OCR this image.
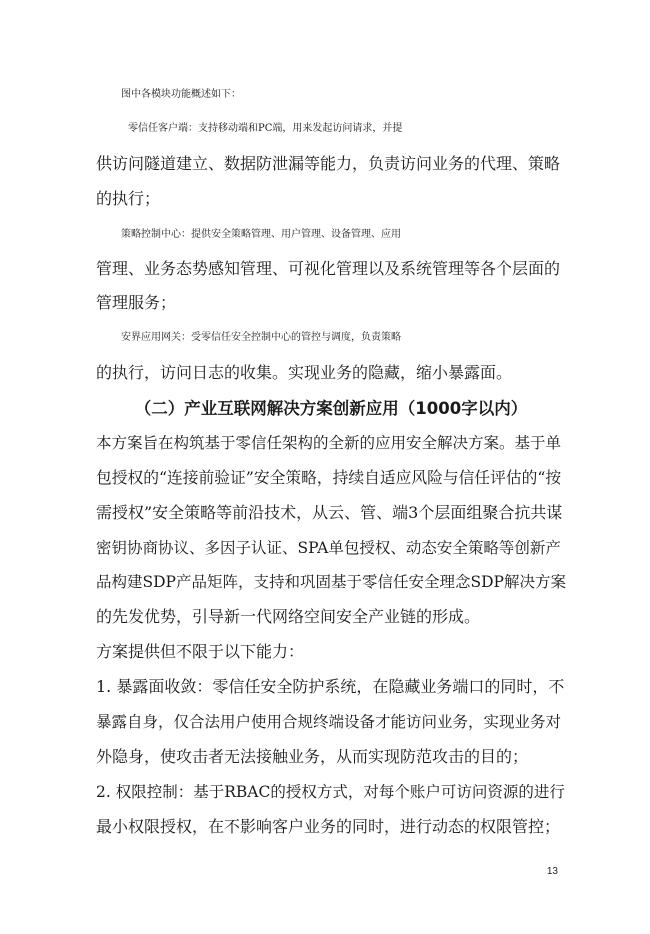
图中各模块功能概述如下：
零信任客户端：支持移动端和PC端，用来发起访问请求，并提
供访问隧道建立、数据防泄漏等能力，负责访问业务的代理、策略
的执行；
策略控制中心：提供安全策略管理、用户管理、设备管理、应用
管理、业务态势感知管理、可视化管理以及系统管理等各个层面的
管理服务；
安界应用网关：受零信任安全控制中心的管控与调度，负责策略
的执行，访问日志的收集。实现业务的隐藏，缩小暴露面。
（二）产业互联网解决方案创新应用（1000字以内）
本方案旨在构筑基于零信任架构的全新的应用安全解决方案。基于单
包授权的“连接前验证”安全策略，持续自适应风险与信任评估的“按
需授权”安全策略等前沿技术，从云、管、端3个层面组聚合抗共谋
密钥协商协议、多因子认证、SPA单包授权、动态安全策略等创新产
品构建SDP产品矩阵，支持和巩固基于零信任安全理念SDP解决方案
的先发优势，引导新一代网络空间安全产业链的形成。
方案提供但不限于以下能力：
1. 暴露面收敛：零信任安全防护系统，在隐藏业务端口的同时，不
暴露自身，仅合法用户使用合规终端设备才能访问业务，实现业务对
外隐身，使攻击者无法接触业务，从而实现防范攻击的目的；
2. 权限控制：基于RBAC的授权方式，对每个账户可访问资源的进行
最小权限授权，在不影响客户业务的同时，进行动态的权限管控；
13
